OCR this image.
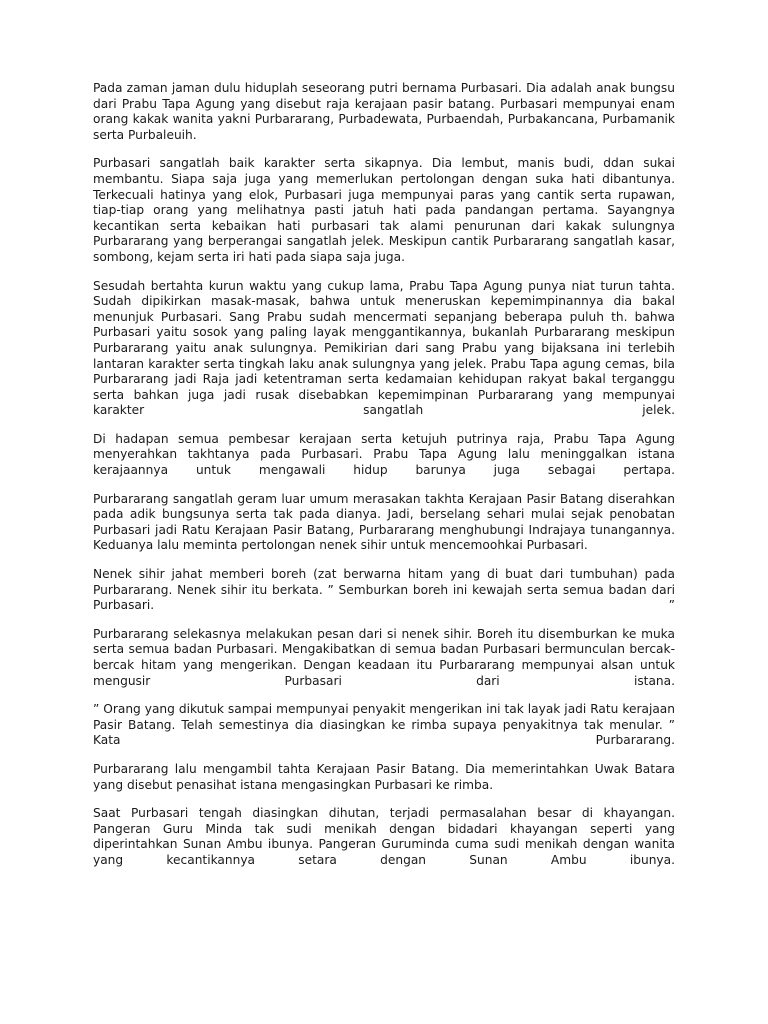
Pada zaman jaman dulu hiduplah seseorang putri bernama Purbasari. Dia adalah anak bungsu dari Prabu Tapa Agung yang disebut raja kerajaan pasir batang. Purbasari mempunyai enam orang kakak wanita yakni Purbararang, Purbadewata, Purbaendah, Purbakancana, Purbamanik serta Purbaleuih.

Purbasari sangatlah baik karakter serta sikapnya. Dia lembut, manis budi, ddan sukai membantu. Siapa saja juga yang memerlukan pertolongan dengan suka hati dibantunya. Terkecuali hatinya yang elok, Purbasari juga mempunyai paras yang cantik serta rupawan, tiap-tiap orang yang melihatnya pasti jatuh hati pada pandangan pertama. Sayangnya kecantikan serta kebaikan hati purbasari tak alami penurunan dari kakak sulungnya Purbararang yang berperangai sangatlah jelek. Meskipun cantik Purbararang sangatlah kasar, sombong, kejam serta iri hati pada siapa saja juga.

Sesudah bertahta kurun waktu yang cukup lama, Prabu Tapa Agung punya niat turun tahta. Sudah dipikirkan masak-masak, bahwa untuk meneruskan kepemimpinannya dia bakal menunjuk Purbasari. Sang Prabu sudah mencermati sepanjang beberapa puluh th. bahwa Purbasari yaitu sosok yang paling layak menggantikannya, bukanlah Purbararang meskipun Purbararang yaitu anak sulungnya. Pemikirian dari sang Prabu yang bijaksana ini terlebih lantaran karakter serta tingkah laku anak sulungnya yang jelek. Prabu Tapa agung cemas, bila Purbararang jadi Raja jadi ketentraman serta kedamaian kehidupan rakyat bakal terganggu serta bahkan juga jadi rusak disebabkan kepemimpinan Purbararang yang mempunyai karakter sangatlah jelek.

Di hadapan semua pembesar kerajaan serta ketujuh putrinya raja, Prabu Tapa Agung menyerahkan takhtanya pada Purbasari. Prabu Tapa Agung lalu meninggalkan istana kerajaannya untuk mengawali hidup barunya juga sebagai pertapa.

Purbararang sangatlah geram luar umum merasakan takhta Kerajaan Pasir Batang diserahkan pada adik bungsunya serta tak pada dianya. Jadi, berselang sehari mulai sejak penobatan Purbasari jadi Ratu Kerajaan Pasir Batang, Purbararang menghubungi Indrajaya tunangannya. Keduanya lalu meminta pertolongan nenek sihir untuk mencemoohkai Purbasari.

Nenek sihir jahat memberi boreh (zat berwarna hitam yang di buat dari tumbuhan) pada Purbararang. Nenek sihir itu berkata. ” Semburkan boreh ini kewajah serta semua badan dari Purbasari. ”

Purbararang selekasnya melakukan pesan dari si nenek sihir. Boreh itu disemburkan ke muka serta semua badan Purbasari. Mengakibatkan di semua badan Purbasari bermunculan bercak-bercak hitam yang mengerikan. Dengan keadaan itu Purbararang mempunyai alsan untuk mengusir Purbasari dari istana.

” Orang yang dikutuk sampai mempunyai penyakit mengerikan ini tak layak jadi Ratu kerajaan Pasir Batang. Telah semestinya dia diasingkan ke rimba supaya penyakitnya tak menular. ” Kata Purbararang.

Purbararang lalu mengambil tahta Kerajaan Pasir Batang. Dia memerintahkan Uwak Batara yang disebut penasihat istana mengasingkan Purbasari ke rimba.

Saat Purbasari tengah diasingkan dihutan, terjadi permasalahan besar di khayangan. Pangeran Guru Minda tak sudi menikah dengan bidadari khayangan seperti yang diperintahkan Sunan Ambu ibunya. Pangeran Guruminda cuma sudi menikah dengan wanita yang kecantikannya setara dengan Sunan Ambu ibunya.
